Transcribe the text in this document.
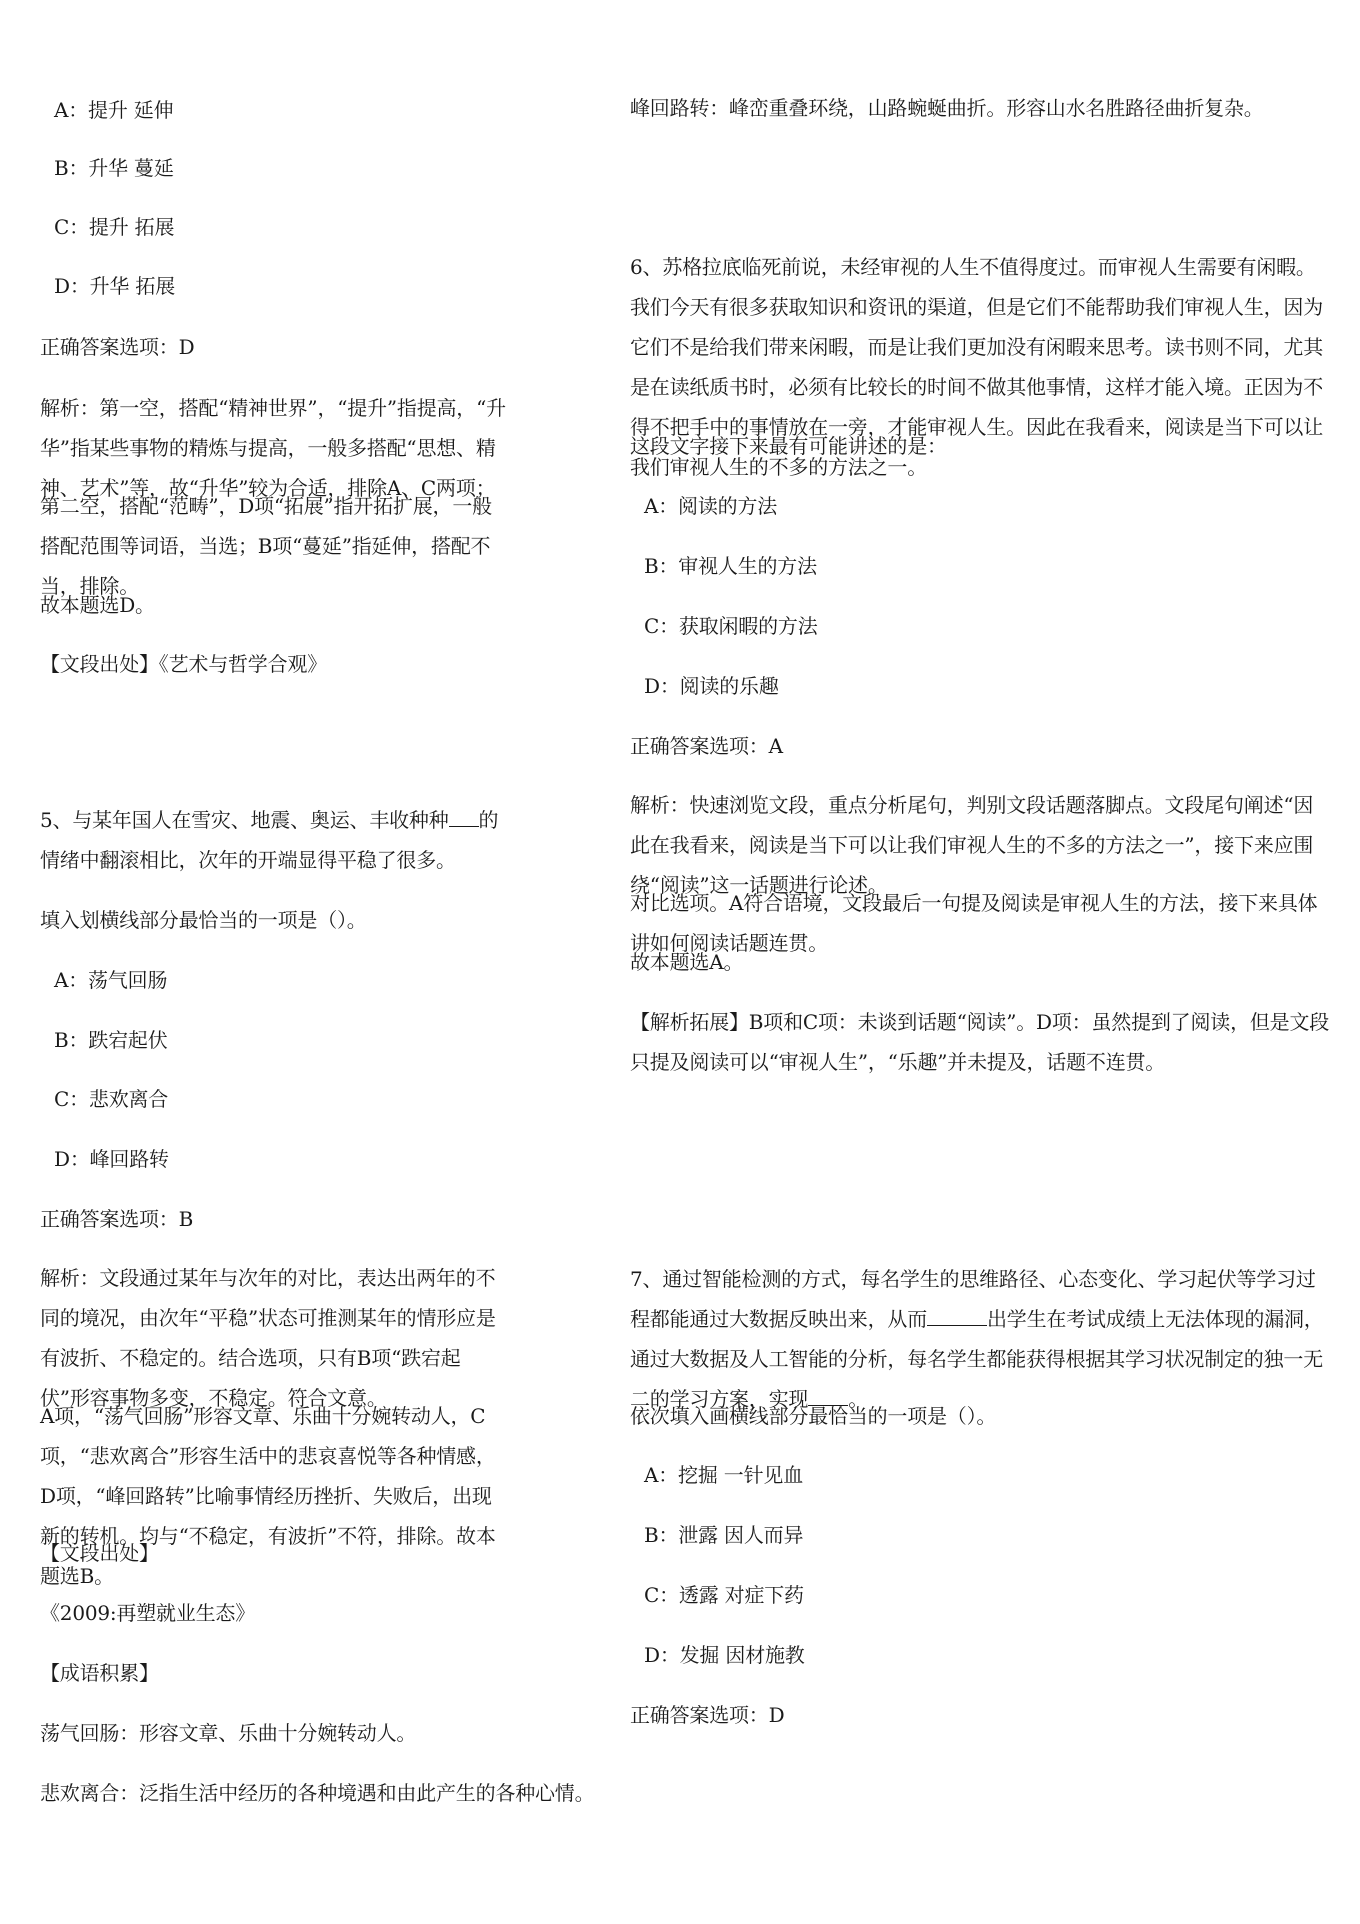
A：提升 延伸
B：升华 蔓延
C：提升 拓展
D：升华 拓展
正确答案选项：D
解析：第一空，搭配“精神世界”，“提升”指提高，“升华”指某些事物的精炼与提高，一般多搭配“思想、精神、艺术”等，故“升华”较为合适，排除A、C两项；
第二空，搭配“范畴”，D项“拓展”指开拓扩展，一般搭配范围等词语，当选；B项“蔓延”指延伸，搭配不当，排除。
故本题选D。
【文段出处】《艺术与哲学合观》
5、与某年国人在雪灾、地震、奥运、丰收种种 的情绪中翻滚相比，次年的开端显得平稳了很多。
填入划横线部分最恰当的一项是（）。
A：荡气回肠
B：跌宕起伏
C：悲欢离合
D：峰回路转
正确答案选项：B
解析：文段通过某年与次年的对比，表达出两年的不同的境况，由次年“平稳”状态可推测某年的情形应是有波折、不稳定的。结合选项，只有B项“跌宕起伏”形容事物多变，不稳定。符合文意。
A项，“荡气回肠”形容文章、乐曲十分婉转动人，C项，“悲欢离合”形容生活中的悲哀喜悦等各种情感，D项，“峰回路转”比喻事情经历挫折、失败后，出现新的转机。均与“不稳定，有波折”不符，排除。故本题选B。
【文段出处】
《2009:再塑就业生态》
【成语积累】
荡气回肠：形容文章、乐曲十分婉转动人。
悲欢离合：泛指生活中经历的各种境遇和由此产生的各种心情。
峰回路转：峰峦重叠环绕，山路蜿蜒曲折。形容山水名胜路径曲折复杂。
6、苏格拉底临死前说，未经审视的人生不值得度过。而审视人生需要有闲暇。我们今天有很多获取知识和资讯的渠道，但是它们不能帮助我们审视人生，因为它们不是给我们带来闲暇，而是让我们更加没有闲暇来思考。读书则不同，尤其是在读纸质书时，必须有比较长的时间不做其他事情，这样才能入境。正因为不得不把手中的事情放在一旁，才能审视人生。因此在我看来，阅读是当下可以让我们审视人生的不多的方法之一。
这段文字接下来最有可能讲述的是：
A：阅读的方法
B：审视人生的方法
C：获取闲暇的方法
D：阅读的乐趣
正确答案选项：A
解析：快速浏览文段，重点分析尾句，判别文段话题落脚点。文段尾句阐述“因此在我看来，阅读是当下可以让我们审视人生的不多的方法之一”，接下来应围绕“阅读”这一话题进行论述。
对比选项。A符合语境，文段最后一句提及阅读是审视人生的方法，接下来具体讲如何阅读话题连贯。
故本题选A。
【解析拓展】B项和C项：未谈到话题“阅读”。D项：虽然提到了阅读，但是文段只提及阅读可以“审视人生”，“乐趣”并未提及，话题不连贯。
7、通过智能检测的方式，每名学生的思维路径、心态变化、学习起伏等学习过程都能通过大数据反映出来，从而	出学生在考试成绩上无法体现的漏洞，通过大数据及人工智能的分析，每名学生都能获得根据其学习状况制定的独一无二的学习方案，实现 。
依次填入画横线部分最恰当的一项是（）。
A：挖掘 一针见血
B：泄露 因人而异
C：透露 对症下药
D：发掘 因材施教
正确答案选项：D
